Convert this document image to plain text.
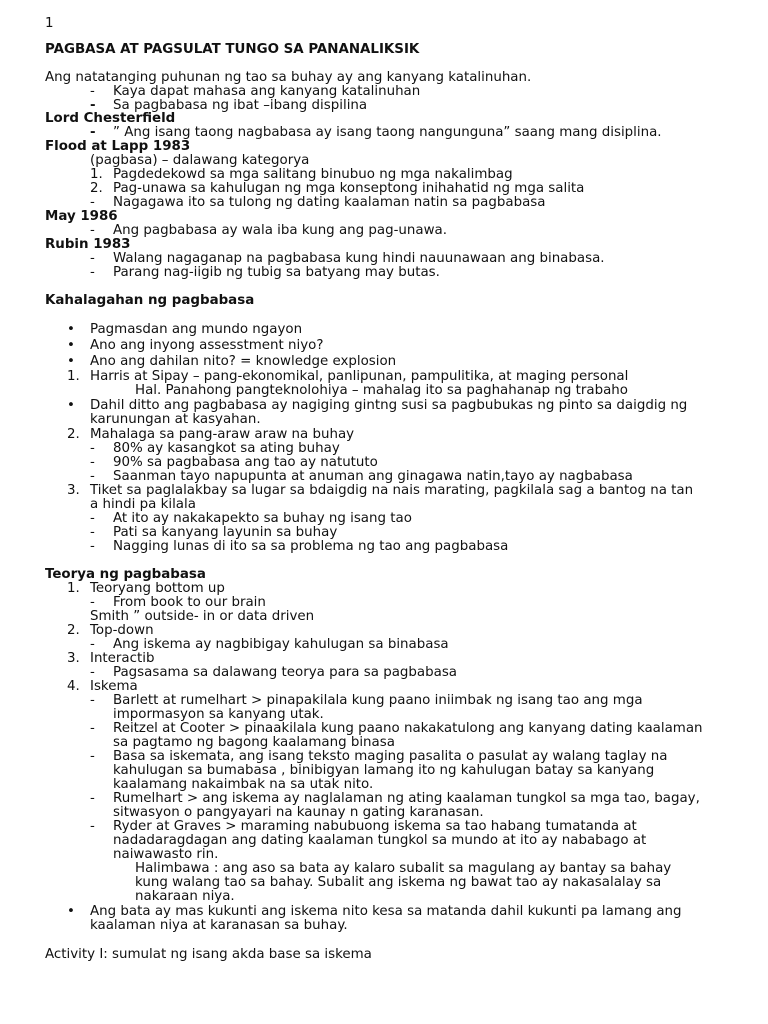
1
PAGBASA AT PAGSULAT TUNGO SA PANANALIKSIK
Ang natatanging puhunan ng tao sa buhay ay ang kanyang katalinuhan.
- Kaya dapat mahasa ang kanyang katalinuhan
- Sa pagbabasa ng ibat –ibang dispilina
Lord Chesterfield
- ” Ang isang taong nagbabasa ay isang taong nangunguna” saang mang disiplina.
Flood at Lapp 1983
(pagbasa) – dalawang kategorya
1. Pagdedekowd sa mga salitang binubuo ng mga nakalimbag
2. Pag-unawa sa kahulugan ng mga konseptong inihahatid ng mga salita
- Nagagawa ito sa tulong ng dating kaalaman natin sa pagbabasa
May 1986
- Ang pagbabasa ay wala iba kung ang pag-unawa.
Rubin 1983
- Walang nagaganap na pagbabasa kung hindi nauunawaan ang binabasa.
- Parang nag-iigib ng tubig sa batyang may butas.
Kahalagahan ng pagbabasa
• Pagmasdan ang mundo ngayon
• Ano ang inyong assesstment niyo?
• Ano ang dahilan nito? = knowledge explosion
1. Harris at Sipay – pang-ekonomikal, panlipunan, pampulitika, at maging personal
Hal. Panahong pangteknolohiya – mahalag ito sa paghahanap ng trabaho
• Dahil ditto ang pagbabasa ay nagiging gintng susi sa pagbubukas ng pinto sa daigdig ng
karunungan at kasyahan.
2. Mahalaga sa pang-araw araw na buhay
- 80% ay kasangkot sa ating buhay
- 90% sa pagbabasa ang tao ay natututo
- Saanman tayo napupunta at anuman ang ginagawa natin,tayo ay nagbabasa
3. Tiket sa paglalakbay sa lugar sa bdaigdig na nais marating, pagkilala sag a bantog na tan
a hindi pa kilala
- At ito ay nakakapekto sa buhay ng isang tao
- Pati sa kanyang layunin sa buhay
- Nagging lunas di ito sa sa problema ng tao ang pagbabasa
Teorya ng pagbabasa
1. Teoryang bottom up
- From book to our brain
Smith ” outside- in or data driven
2. Top-down
- Ang iskema ay nagbibigay kahulugan sa binabasa
3. Interactib
- Pagsasama sa dalawang teorya para sa pagbabasa
4. Iskema
- Barlett at rumelhart > pinapakilala kung paano iniimbak ng isang tao ang mga
impormasyon sa kanyang utak.
- Reitzel at Cooter > pinaakilala kung paano nakakatulong ang kanyang dating kaalaman
sa pagtamo ng bagong kaalamang binasa
- Basa sa iskemata, ang isang teksto maging pasalita o pasulat ay walang taglay na
kahulugan sa bumabasa , binibigyan lamang ito ng kahulugan batay sa kanyang
kaalamang nakaimbak na sa utak nito.
- Rumelhart > ang iskema ay naglalaman ng ating kaalaman tungkol sa mga tao, bagay,
sitwasyon o pangyayari na kaunay n gating karanasan.
- Ryder at Graves > maraming nabubuong iskema sa tao habang tumatanda at
nadadaragdagan ang dating kaalaman tungkol sa mundo at ito ay nababago at
naiwawasto rin.
Halimbawa : ang aso sa bata ay kalaro subalit sa magulang ay bantay sa bahay
kung walang tao sa bahay. Subalit ang iskema ng bawat tao ay nakasalalay sa
nakaraan niya.
• Ang bata ay mas kukunti ang iskema nito kesa sa matanda dahil kukunti pa lamang ang
kaalaman niya at karanasan sa buhay.
Activity I: sumulat ng isang akda base sa iskema
